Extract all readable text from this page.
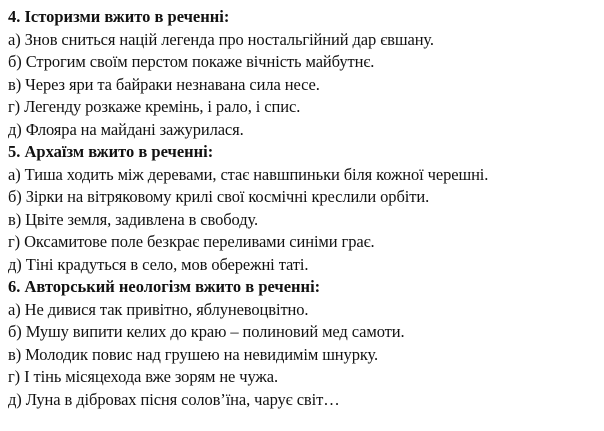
4. Історизми вжито в реченні:
а) Знов сниться націй легенда про ностальгійний дар євшану.
б) Строгим своїм перстом покаже вічність майбутнє.
в) Через яри та байраки незнавана сила несе.
г) Легенду розкаже кремінь, і рало, і спис.
д) Флояра на майдані зажурилася.
5. Архаїзм вжито в реченні:
а) Тиша ходить між деревами, стає навшпиньки біля кожної черешні.
б) Зірки на вітряковому крилі свої космічні креслили орбіти.
в) Цвіте земля, задивлена в свободу.
г) Оксамитове поле безкрає переливами синіми грає.
д) Тіні крадуться в село, мов обережні таті.
6. Авторський неологізм вжито в реченні:
а) Не дивися так привітно, яблуневоцвітно.
б) Мушу випити келих до краю – полиновий мед самоти.
в) Молодик повис над грушею на невидимім шнурку.
г) І тінь місяцехода вже зорям не чужа.
д) Луна в дібровах пісня солов’їна, чарує світ…
